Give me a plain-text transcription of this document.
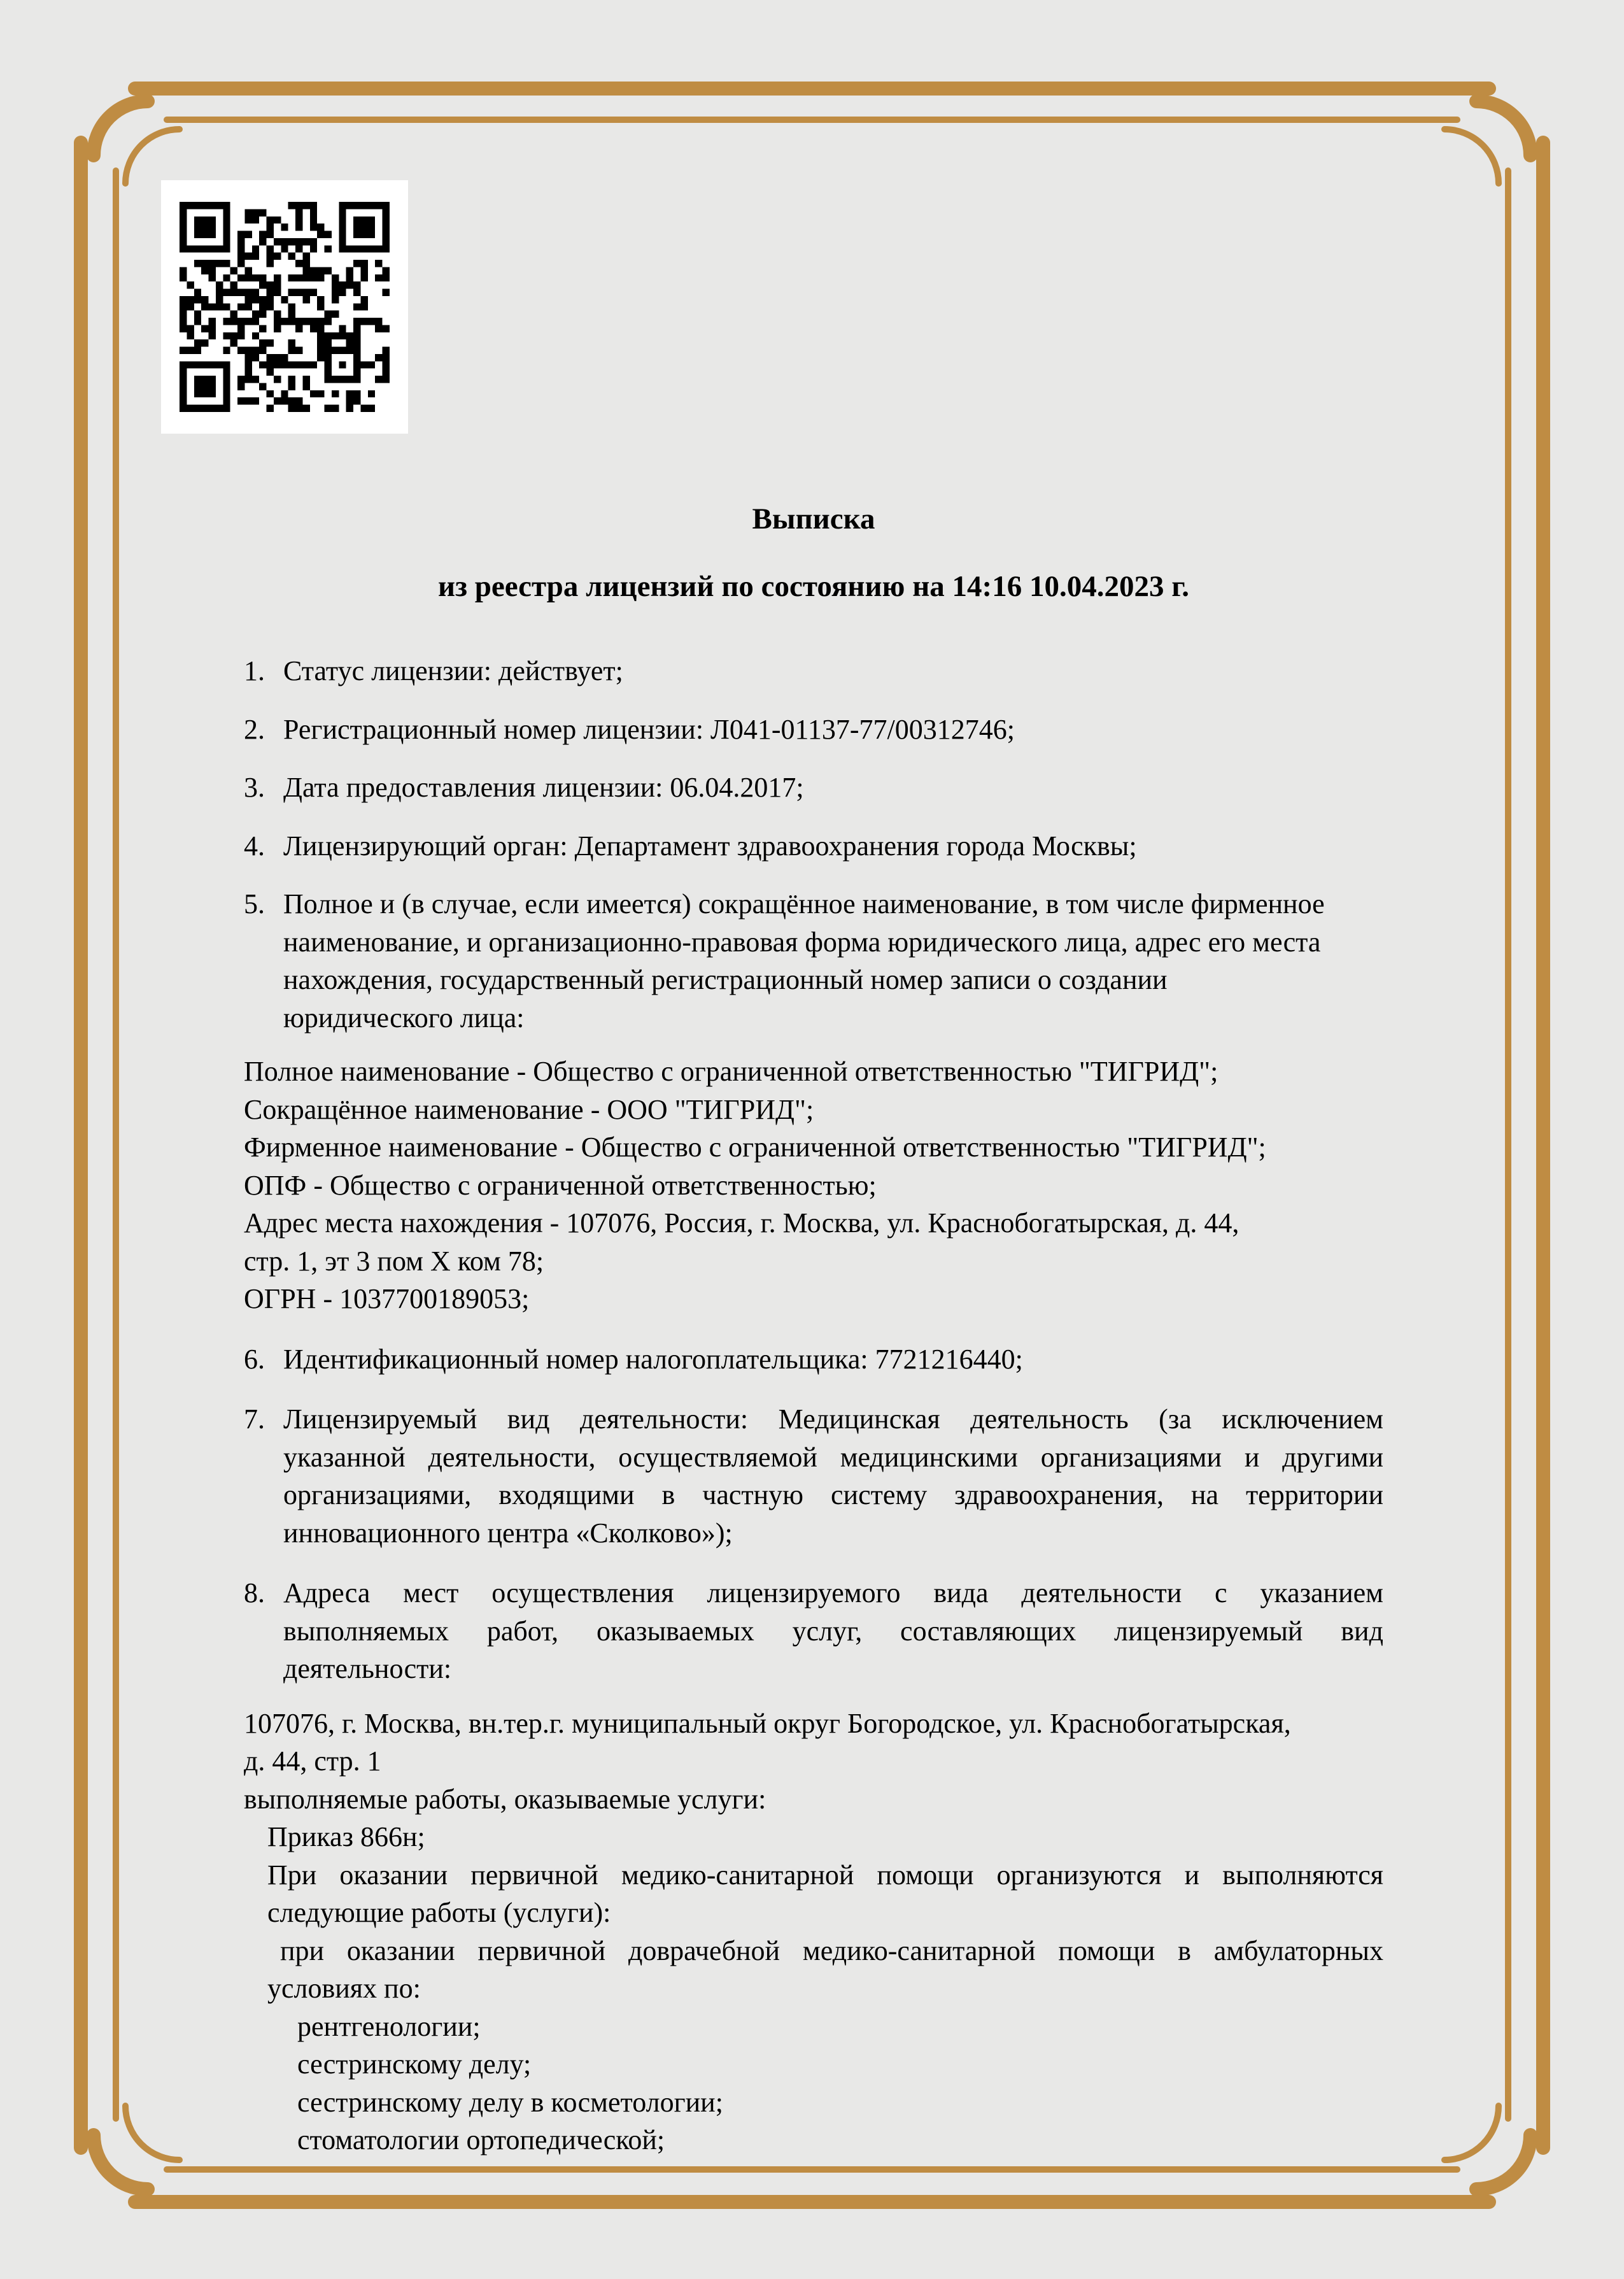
Выписка
из реестра лицензий по состоянию на 14:16 10.04.2023 г.
1. Статус лицензии: действует;
2. Регистрационный номер лицензии: Л041-01137-77/00312746;
3. Дата предоставления лицензии: 06.04.2017;
4. Лицензирующий орган: Департамент здравоохранения города Москвы;
5. Полное и (в случае, если имеется) сокращённое наименование, в том числе фирменное
наименование, и организационно-правовая форма юридического лица, адрес его места
нахождения, государственный регистрационный номер записи о создании
юридического лица:
Полное наименование - Общество с ограниченной ответственностью "ТИГРИД";
Сокращённое наименование - ООО "ТИГРИД";
Фирменное наименование - Общество с ограниченной ответственностью "ТИГРИД";
ОПФ - Общество с ограниченной ответственностью;
Адрес места нахождения - 107076, Россия, г. Москва, ул. Краснобогатырская, д. 44,
стр. 1, эт 3 пом X ком 78;
ОГРН - 1037700189053;
6. Идентификационный номер налогоплательщика: 7721216440;
7. Лицензируемый вид деятельности: Медицинская деятельность (за исключением
указанной деятельности, осуществляемой медицинскими организациями и другими
организациями, входящими в частную систему здравоохранения, на территории
инновационного центра «Сколково»);
8. Адреса мест осуществления лицензируемого вида деятельности с указанием
выполняемых работ, оказываемых услуг, составляющих лицензируемый вид
деятельности:
107076, г. Москва, вн.тер.г. муниципальный округ Богородское, ул. Краснобогатырская,
д. 44, стр. 1
выполняемые работы, оказываемые услуги:
Приказ 866н;
При оказании первичной медико-санитарной помощи организуются и выполняются
следующие работы (услуги):
при оказании первичной доврачебной медико-санитарной помощи в амбулаторных
условиях по:
рентгенологии;
сестринскому делу;
сестринскому делу в косметологии;
стоматологии ортопедической;
